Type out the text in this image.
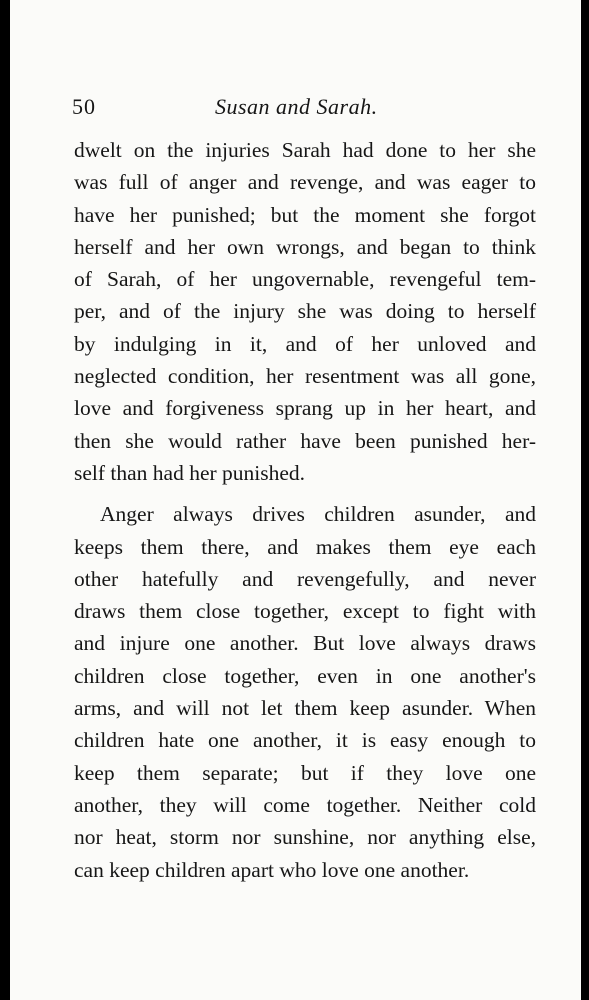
50	Susan and Sarah.
dwelt on the injuries Sarah had done to her she
was full of anger and revenge, and was eager to
have her punished; but the moment she forgot
herself and her own wrongs, and began to think
of Sarah, of her ungovernable, revengeful tem-
per, and of the injury she was doing to herself
by indulging in it, and of her unloved and
neglected condition, her resentment was all gone,
love and forgiveness sprang up in her heart, and
then she would rather have been punished her-
self than had her punished.
Anger always drives children asunder, and
keeps them there, and makes them eye each
other hatefully and revengefully, and never
draws them close together, except to fight with
and injure one another. But love always draws
children close together, even in one another's
arms, and will not let them keep asunder. When
children hate one another, it is easy enough to
keep them separate; but if they love one
another, they will come together. Neither cold
nor heat, storm nor sunshine, nor anything else,
can keep children apart who love one another.
